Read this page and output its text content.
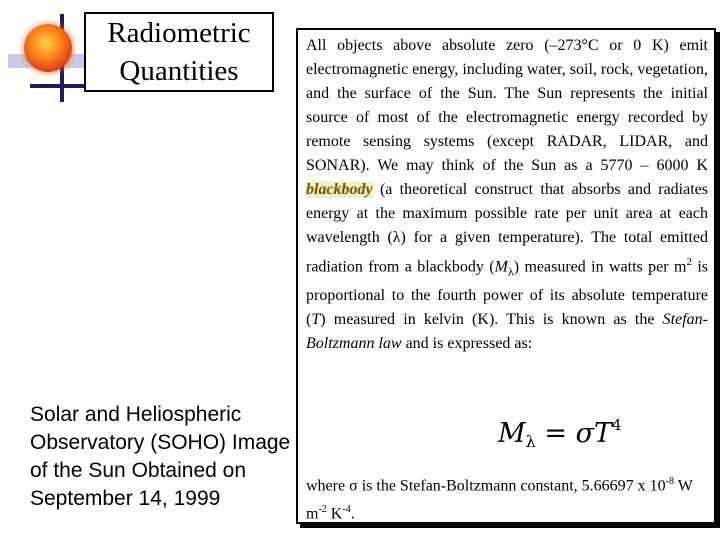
Radiometric
Quantities
Solar and Heliospheric Observatory (SOHO) Image of the Sun Obtained on September 14, 1999
All objects above absolute zero (–273°C or 0 K) emit electromagnetic energy, including water, soil, rock, vegetation, and the surface of the Sun. The Sun represents the initial source of most of the electromagnetic energy recorded by remote sensing systems (except RADAR, LIDAR, and SONAR). We may think of the Sun as a 5770 – 6000 K blackbody (a theoretical construct that absorbs and radiates energy at the maximum possible rate per unit area at each wavelength (λ) for a given temperature). The total emitted radiation from a blackbody $(M_\lambda)$ measured in watts per $m^2$ is proportional to the fourth power of its absolute temperature (T) measured in kelvin (K). This is known as the Stefan-Boltzmann law and is expressed as:
$M_\lambda = \sigma T^4$
where σ is the Stefan-Boltzmann constant, 5.66697 x $10^{-8}$ W $m^{-2}$ $K^{-4}$.
